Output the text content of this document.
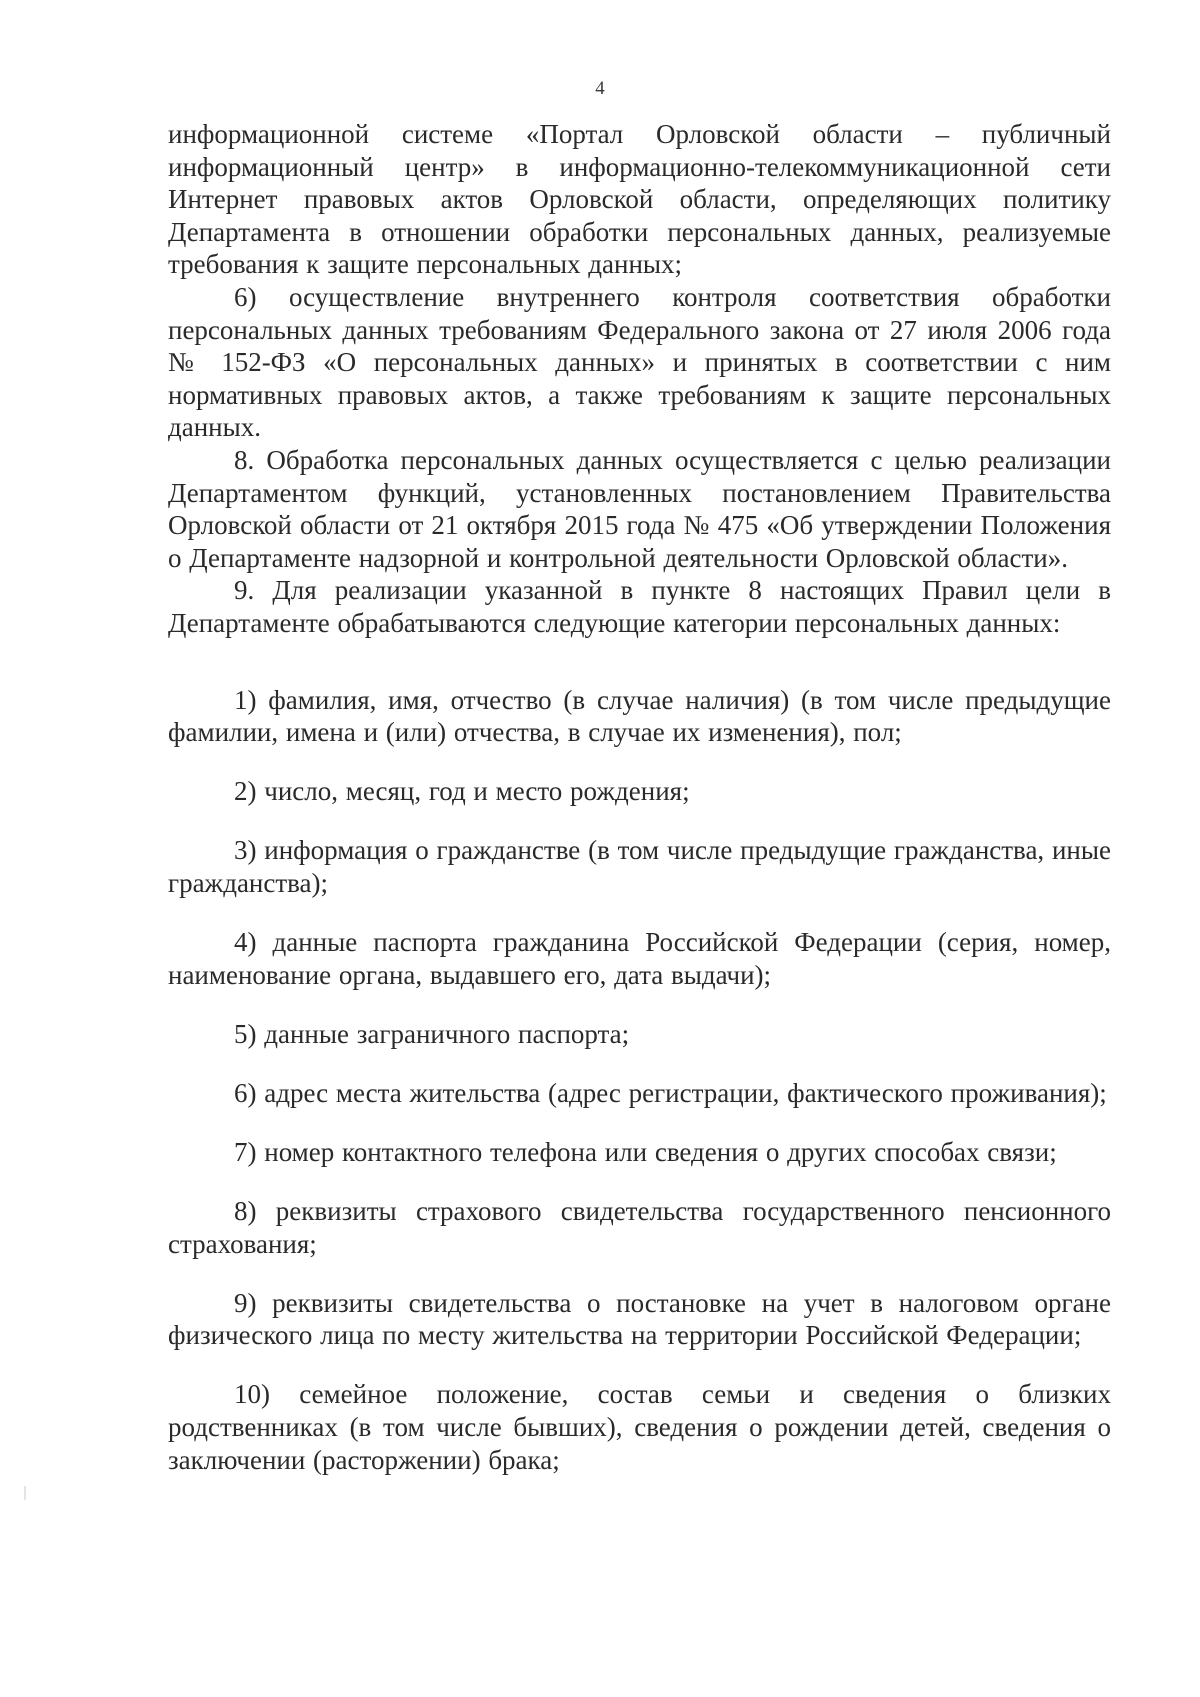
4

информационной системе «Портал Орловской области – публичный информационный центр» в информационно-телекоммуникационной сети Интернет правовых актов Орловской области, определяющих политику Департамента в отношении обработки персональных данных, реализуемые требования к защите персональных данных;

6) осуществление внутреннего контроля соответствия обработки персональных данных требованиям Федерального закона от 27 июля 2006 года № 152-ФЗ «О персональных данных» и принятых в соответствии с ним нормативных правовых актов, а также требованиям к защите персональных данных.

8. Обработка персональных данных осуществляется с целью реализации Департаментом функций, установленных постановлением Правительства Орловской области от 21 октября 2015 года № 475 «Об утверждении Положения о Департаменте надзорной и контрольной деятельности Орловской области».

9. Для реализации указанной в пункте 8 настоящих Правил цели в Департаменте обрабатываются следующие категории персональных данных:

1) фамилия, имя, отчество (в случае наличия) (в том числе предыдущие фамилии, имена и (или) отчества, в случае их изменения), пол;

2) число, месяц, год и место рождения;

3) информация о гражданстве (в том числе предыдущие гражданства, иные гражданства);

4) данные паспорта гражданина Российской Федерации (серия, номер, наименование органа, выдавшего его, дата выдачи);

5) данные заграничного паспорта;

6) адрес места жительства (адрес регистрации, фактического проживания);

7) номер контактного телефона или сведения о других способах связи;

8) реквизиты страхового свидетельства государственного пенсионного страхования;

9) реквизиты свидетельства о постановке на учет в налоговом органе физического лица по месту жительства на территории Российской Федерации;

10) семейное положение, состав семьи и сведения о близких родственниках (в том числе бывших), сведения о рождении детей, сведения о заключении (расторжении) брака;
